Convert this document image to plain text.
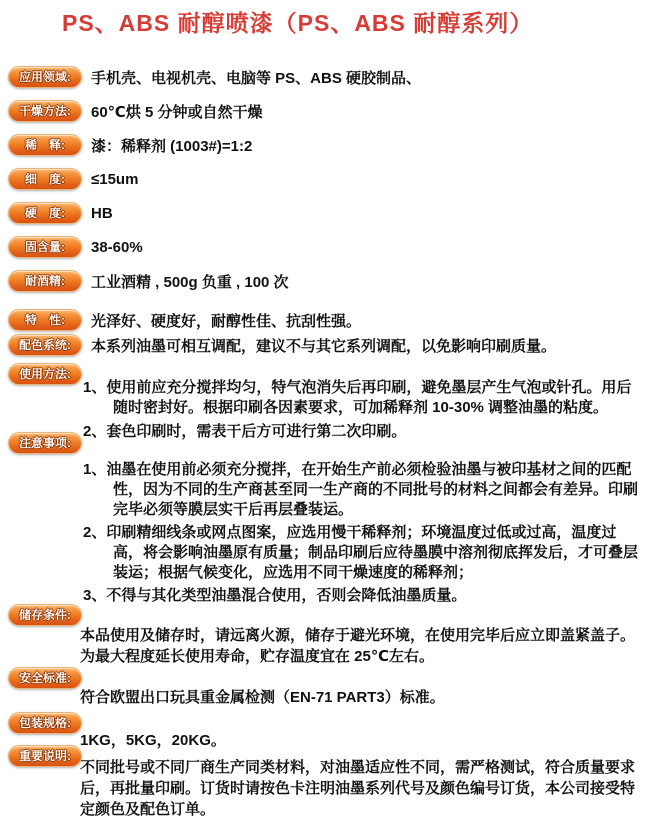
PS、ABS 耐醇喷漆（PS、ABS 耐醇系列）
应用领域: 手机壳、电视机壳、电脑等 PS、ABS 硬胶制品、
干燥方法: 60℃烘 5 分钟或自然干燥
稀　释: 漆：稀释剂 (1003#)=1:2
细　度: ≤15um
硬　度: HB
固含量: 38-60%
耐酒精: 工业酒精 , 500g 负重 , 100 次
特　性: 光泽好、硬度好，耐醇性佳、抗刮性强。
配色系统: 本系列油墨可相互调配，建议不与其它系列调配，以免影响印刷质量。
使用方法:

1、使用前应充分搅拌均匀，特气泡消失后再印刷，避免墨层产生气泡或针孔。用后随时密封好。根据印刷各因素要求，可加稀释剂 10-30% 调整油墨的粘度。

2、套色印刷时，需表干后方可进行第二次印刷。

注意事项:

1、油墨在使用前必须充分搅拌，在开始生产前必须检验油墨与被印基材之间的匹配性，因为不同的生产商甚至同一生产商的不同批号的材料之间都会有差异。印刷完毕必须等膜层实干后再层叠装运。

2、印刷精细线条或网点图案，应选用慢干稀释剂；环境温度过低或过高，温度过高，将会影响油墨原有质量；制品印刷后应待墨膜中溶剂彻底挥发后，才可叠层装运；根据气候变化，应选用不同干燥速度的稀释剂；

3、不得与其化类型油墨混合使用，否则会降低油墨质量。

储存条件:

本品使用及储存时，请远离火源，储存于避光环境，在使用完毕后应立即盖紧盖子。为最大程度延长使用寿命，贮存温度宜在 25℃左右。

安全标准:

符合欧盟出口玩具重金属检测（EN-71 PART3）标准。

包装规格:

1KG，5KG，20KG。

重要说明:

不同批号或不同厂商生产同类材料，对油墨适应性不同，需严格测试，符合质量要求后，再批量印刷。订货时请按色卡注明油墨系列代号及颜色编号订货，本公司接受特定颜色及配色订单。
